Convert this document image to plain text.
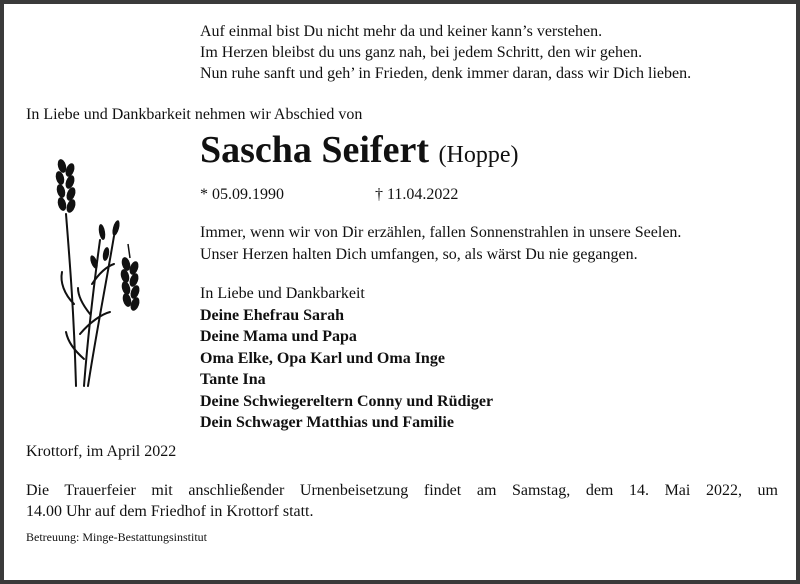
Auf einmal bist Du nicht mehr da und keiner kann’s verstehen.
Im Herzen bleibst du uns ganz nah, bei jedem Schritt, den wir gehen.
Nun ruhe sanft und geh’ in Frieden, denk immer daran, dass wir Dich lieben.
In Liebe und Dankbarkeit nehmen wir Abschied von
Sascha Seifert (Hoppe)
* 05.09.1990	† 11.04.2022
Immer, wenn wir von Dir erzählen, fallen Sonnenstrahlen in unsere Seelen.
Unser Herzen halten Dich umfangen, so, als wärst Du nie gegangen.
In Liebe und Dankbarkeit
Deine Ehefrau Sarah
Deine Mama und Papa
Oma Elke, Opa Karl und Oma Inge
Tante Ina
Deine Schwiegereltern Conny und Rüdiger
Dein Schwager Matthias und Familie
Krottorf, im April 2022
Die Trauerfeier mit anschließender Urnenbeisetzung findet am Samstag, dem 14. Mai 2022, um
14.00 Uhr auf dem Friedhof in Krottorf statt.
Betreuung: Minge-Bestattungsinstitut
